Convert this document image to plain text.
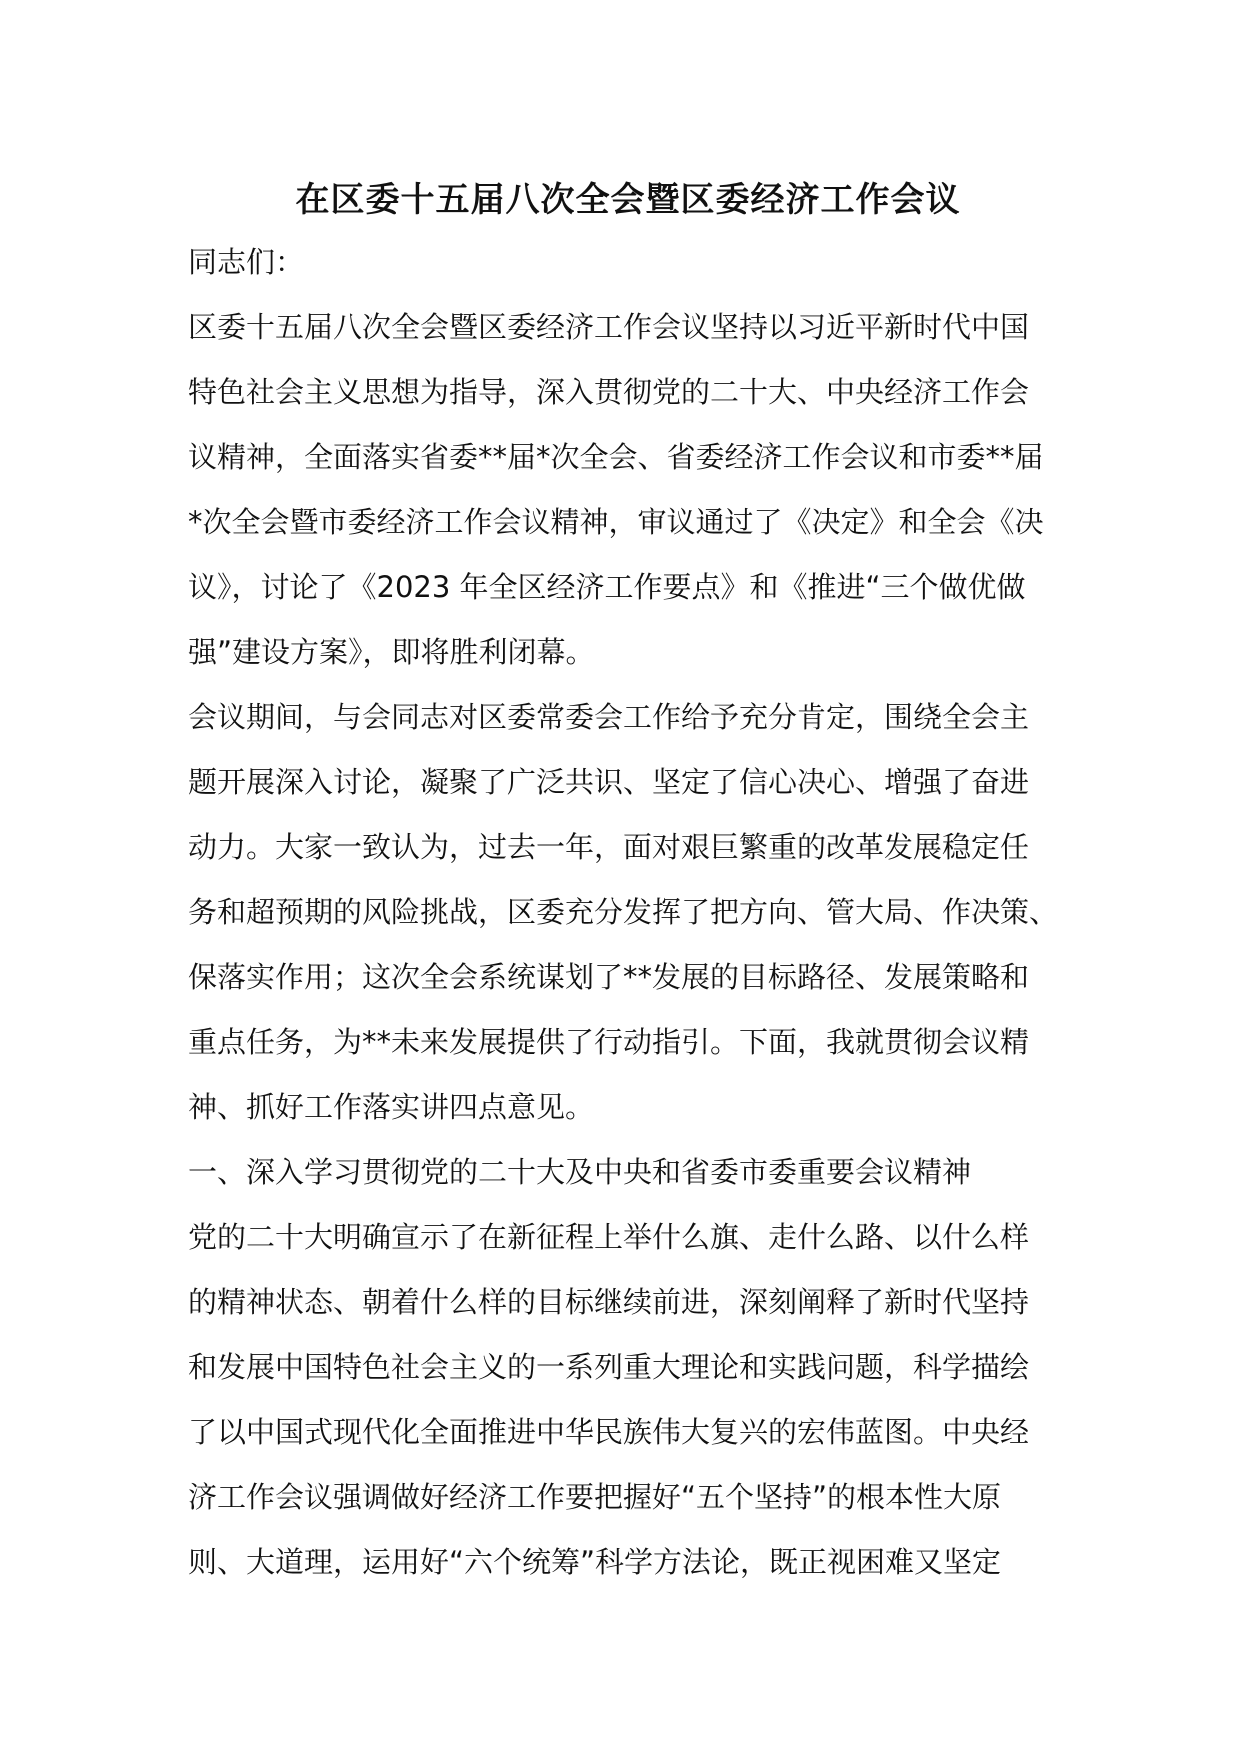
在区委十五届八次全会暨区委经济工作会议

同志们：

区委十五届八次全会暨区委经济工作会议坚持以习近平新时代中国

特色社会主义思想为指导，深入贯彻党的二十大、中央经济工作会

议精神，全面落实省委**届*次全会、省委经济工作会议和市委**届

*次全会暨市委经济工作会议精神，审议通过了《决定》和全会《决

议》，讨论了《2023 年全区经济工作要点》和《推进“三个做优做

强”建设方案》，即将胜利闭幕。

会议期间，与会同志对区委常委会工作给予充分肯定，围绕全会主

题开展深入讨论，凝聚了广泛共识、坚定了信心决心、增强了奋进

动力。大家一致认为，过去一年，面对艰巨繁重的改革发展稳定任

务和超预期的风险挑战，区委充分发挥了把方向、管大局、作决策、

保落实作用；这次全会系统谋划了**发展的目标路径、发展策略和

重点任务，为**未来发展提供了行动指引。下面，我就贯彻会议精

神、抓好工作落实讲四点意见。

一、深入学习贯彻党的二十大及中央和省委市委重要会议精神

党的二十大明确宣示了在新征程上举什么旗、走什么路、以什么样

的精神状态、朝着什么样的目标继续前进，深刻阐释了新时代坚持

和发展中国特色社会主义的一系列重大理论和实践问题，科学描绘

了以中国式现代化全面推进中华民族伟大复兴的宏伟蓝图。中央经

济工作会议强调做好经济工作要把握好“五个坚持”的根本性大原

则、大道理，运用好“六个统筹”科学方法论，既正视困难又坚定
